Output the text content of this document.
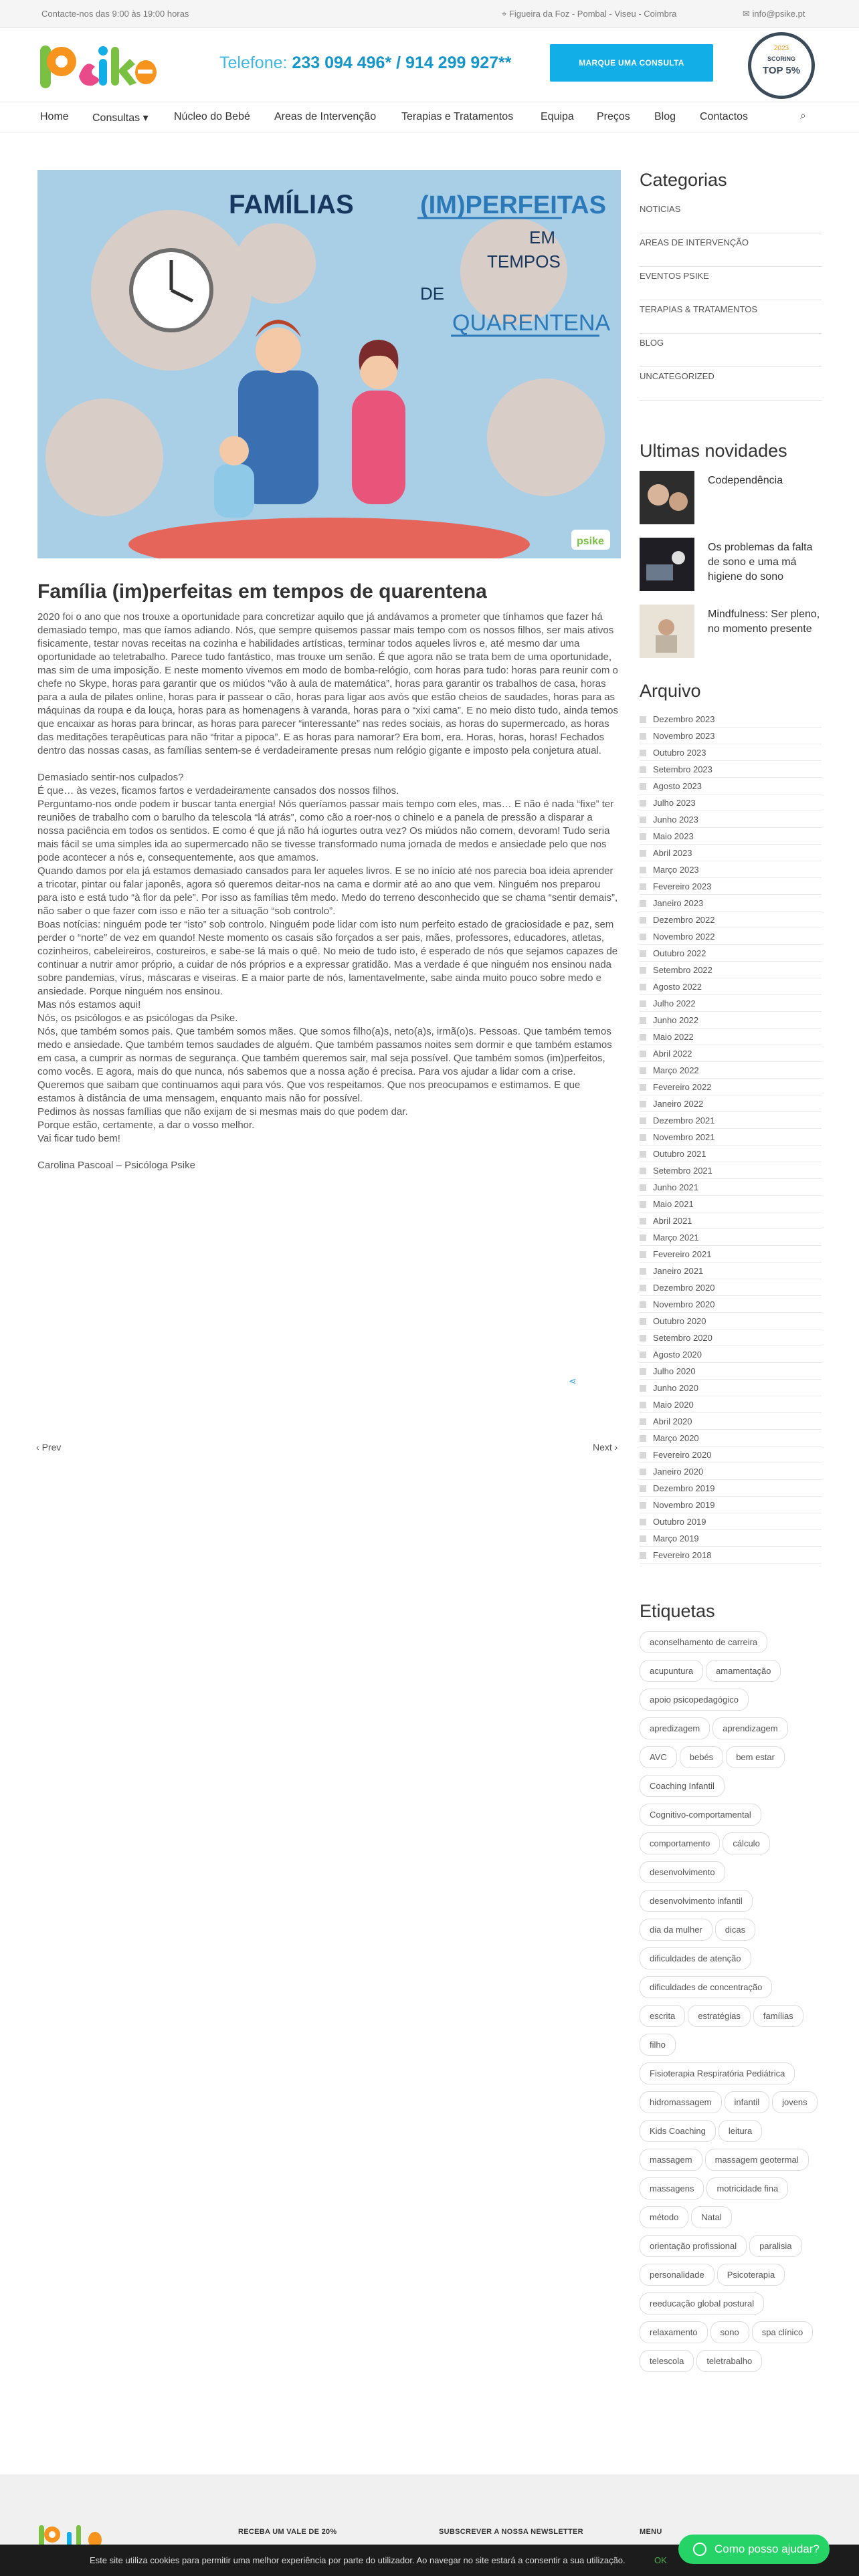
Contacte-nos das 9:00 às 19:00 horas	⌖ Figueira da Foz - Pombal - Viseu - Coimbra	✉ info@psike.pt
Telefone: 233 094 496* / 914 299 927**	MARQUE UMA CONSULTA
2023
SCORING
TOP 5%
Home Consultas ▾ Núcleo do Bebé Areas de Intervenção Terapias e Tratamentos	Equipa Preços Blog Contactos	⌕
FAMÍLIAS	(IM)PERFEITAS
EM
TEMPOS
DE
QUARENTENA
psike
Família (im)perfeitas em tempos de quarentena

2020 foi o ano que nos trouxe a oportunidade para concretizar aquilo que já andávamos a prometer que tínhamos que fazer há demasiado tempo, mas que íamos adiando. Nós, que sempre quisemos passar mais tempo com os nossos filhos, ser mais ativos fisicamente, testar novas receitas na cozinha e habilidades artísticas, terminar todos aqueles livros e, até mesmo dar uma oportunidade ao teletrabalho. Parece tudo fantástico, mas trouxe um senão. É que agora não se trata bem de uma oportunidade, mas sim de uma imposição. E neste momento vivemos em modo de bomba-relógio, com horas para tudo: horas para reunir com o chefe no Skype, horas para garantir que os miúdos “vão à aula de matemática”, horas para garantir os trabalhos de casa, horas para a aula de pilates online, horas para ir passear o cão, horas para ligar aos avós que estão cheios de saudades, horas para as máquinas da roupa e da louça, horas para as homenagens à varanda, horas para o “xixi cama”. E no meio disto tudo, ainda temos que encaixar as horas para brincar, as horas para parecer “interessante” nas redes sociais, as horas do supermercado, as horas das meditações terapêuticas para não “fritar a pipoca”. E as horas para namorar? Era bom, era. Horas, horas, horas! Fechados dentro das nossas casas, as famílias sentem-se é verdadeiramente presas num relógio gigante e imposto pela conjetura atual.

Demasiado sentir-nos culpados?

É que… às vezes, ficamos fartos e verdadeiramente cansados dos nossos filhos.

Perguntamo-nos onde podem ir buscar tanta energia! Nós queríamos passar mais tempo com eles, mas… E não é nada “fixe” ter reuniões de trabalho com o barulho da telescola “lá atrás”, como cão a roer-nos o chinelo e a panela de pressão a disparar a nossa paciência em todos os sentidos. E como é que já não há iogurtes outra vez? Os miúdos não comem, devoram! Tudo seria mais fácil se uma simples ida ao supermercado não se tivesse transformado numa jornada de medos e ansiedade pelo que nos pode acontecer a nós e, consequentemente, aos que amamos.

Quando damos por ela já estamos demasiado cansados para ler aqueles livros. E se no início até nos parecia boa ideia aprender a tricotar, pintar ou falar japonês, agora só queremos deitar-nos na cama e dormir até ao ano que vem. Ninguém nos preparou para isto e está tudo “à flor da pele”. Por isso as famílias têm medo. Medo do terreno desconhecido que se chama “sentir demais”, não saber o que fazer com isso e não ter a situação “sob controlo”.

Boas notícias: ninguém pode ter “isto” sob controlo. Ninguém pode lidar com isto num perfeito estado de graciosidade e paz, sem perder o “norte” de vez em quando! Neste momento os casais são forçados a ser pais, mães, professores, educadores, atletas, cozinheiros, cabeleireiros, costureiros, e sabe-se lá mais o quê. No meio de tudo isto, é esperado de nós que sejamos capazes de continuar a nutrir amor próprio, a cuidar de nós próprios e a expressar gratidão. Mas a verdade é que ninguém nos ensinou nada sobre pandemias, vírus, máscaras e viseiras. E a maior parte de nós, lamentavelmente, sabe ainda muito pouco sobre medo e ansiedade. Porque ninguém nos ensinou.

Mas nós estamos aqui!

Nós, os psicólogos e as psicólogas da Psike.

Nós, que também somos pais. Que também somos mães. Que somos filho(a)s, neto(a)s, irmã(o)s. Pessoas. Que também temos medo e ansiedade. Que também temos saudades de alguém. Que também passamos noites sem dormir e que também estamos em casa, a cumprir as normas de segurança. Que também queremos sair, mal seja possível. Que também somos (im)perfeitos, como vocês. E agora, mais do que nunca, nós sabemos que a nossa ação é precisa. Para vos ajudar a lidar com a crise.

Queremos que saibam que continuamos aqui para vós. Que vos respeitamos. Que nos preocupamos e estimamos. E que estamos à distância de uma mensagem, enquanto mais não for possível.

Pedimos às nossas famílias que não exijam de si mesmas mais do que podem dar.

Porque estão, certamente, a dar o vosso melhor.

Vai ficar tudo bem!

Carolina Pascoal – Psicóloga Psike

⋖
‹ Prev	Next ›
Categorias
NOTICIAS
AREAS DE INTERVENÇÃO
EVENTOS PSIKE
TERAPIAS & TRATAMENTOS
BLOG
UNCATEGORIZED
Ultimas novidades
Codependência
Os problemas da falta de sono e uma má higiene do sono
Mindfulness: Ser pleno, no momento presente
Arquivo
Dezembro 2023
Novembro 2023
Outubro 2023
Setembro 2023
Agosto 2023
Julho 2023
Junho 2023
Maio 2023
Abril 2023
Março 2023
Fevereiro 2023
Janeiro 2023
Dezembro 2022
Novembro 2022
Outubro 2022
Setembro 2022
Agosto 2022
Julho 2022
Junho 2022
Maio 2022
Abril 2022
Março 2022
Fevereiro 2022
Janeiro 2022
Dezembro 2021
Novembro 2021
Outubro 2021
Setembro 2021
Junho 2021
Maio 2021
Abril 2021
Março 2021
Fevereiro 2021
Janeiro 2021
Dezembro 2020
Novembro 2020
Outubro 2020
Setembro 2020
Agosto 2020
Julho 2020
Junho 2020
Maio 2020
Abril 2020
Março 2020
Fevereiro 2020
Janeiro 2020
Dezembro 2019
Novembro 2019
Outubro 2019
Março 2019
Fevereiro 2018
Etiquetas
aconselhamento de carreiraacupuntura	amamentaçãoapoio psicopedagógicoapredizagem	aprendizagemAVC	bebés	bem estarCoaching InfantilCognitivo-comportamentalcomportamento	cálculodesenvolvimentodesenvolvimento infantildia da mulher	dicasdificuldades de atençãodificuldades de concentraçãoescrita	estratégias	famíliasfilhoFisioterapia Respiratória Pediátricahidromassagem	infantil	jovensKids Coaching	leituramassagem	massagem geotermalmassagens	motricidade finamétodo	Natalorientação profissional	paralisiapersonalidade	Psicoterapiareeducação global posturalrelaxamento	sono	spa clínicotelescola	teletrabalho
RECEBA UM VALE DE 20%	SUBSCREVER A NOSSA NEWSLETTER	MENU
Este site utiliza cookies para permitir uma melhor experiência por parte do utilizador. Ao navegar no site estará a consentir a sua utilização.	OK
Como posso ajudar?
